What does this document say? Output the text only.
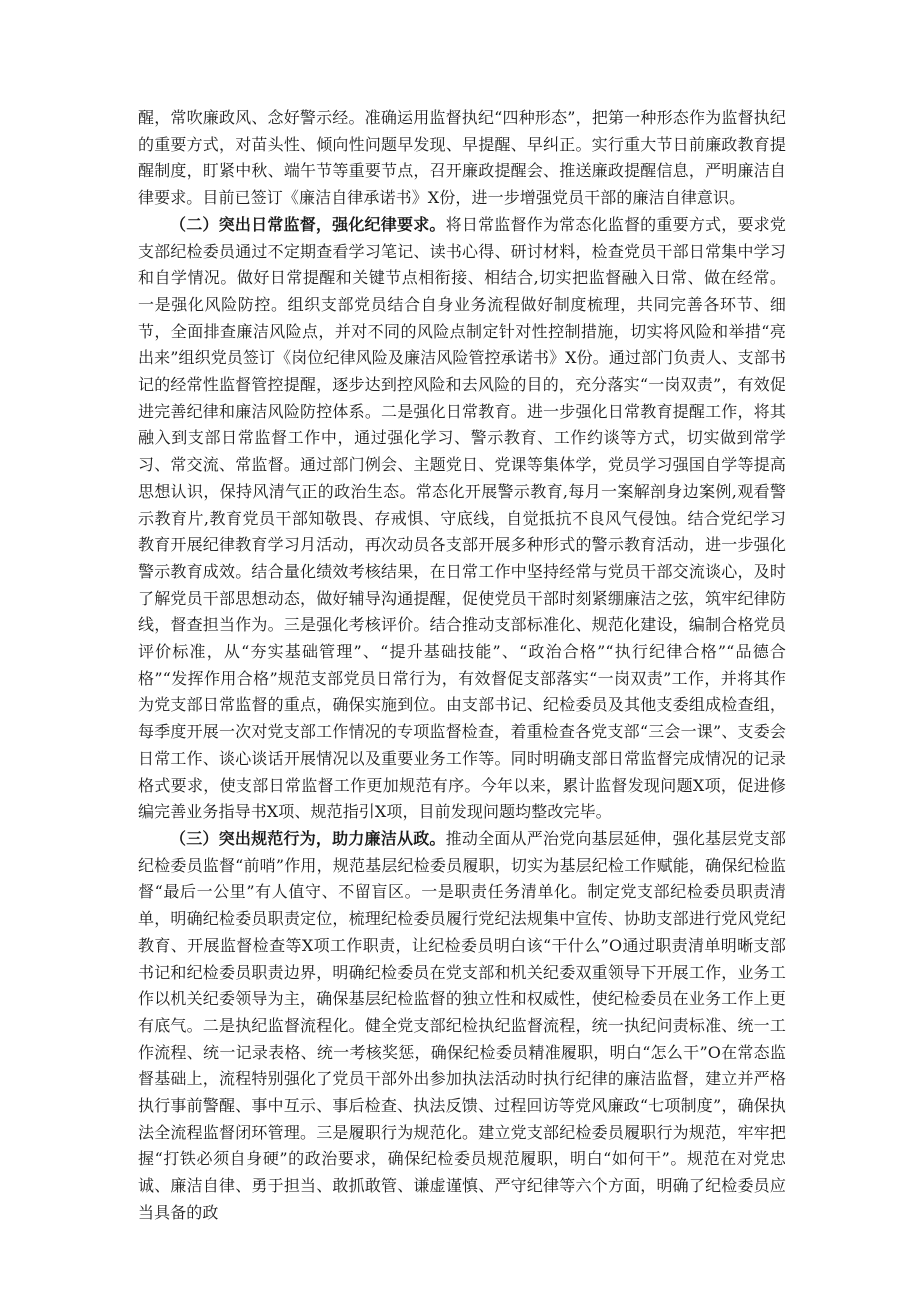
醒，常吹廉政风、念好警示经。准确运用监督执纪“四种形态”，把第一种形态作为监督执纪的重要方式，对苗头性、倾向性问题早发现、早提醒、早纠正。实行重大节日前廉政教育提醒制度，盯紧中秋、端午节等重要节点，召开廉政提醒会、推送廉政提醒信息，严明廉洁自律要求。目前已签订《廉洁自律承诺书》X份，进一步增强党员干部的廉洁自律意识。

（二）突出日常监督，强化纪律要求。将日常监督作为常态化监督的重要方式，要求党支部纪检委员通过不定期查看学习笔记、读书心得、研讨材料，检查党员干部日常集中学习和自学情况。做好日常提醒和关键节点相衔接、相结合,切实把监督融入日常、做在经常。一是强化风险防控。组织支部党员结合自身业务流程做好制度梳理，共同完善各环节、细节，全面排查廉洁风险点，并对不同的风险点制定针对性控制措施，切实将风险和举措“亮出来”组织党员签订《岗位纪律风险及廉洁风险管控承诺书》X份。通过部门负责人、支部书记的经常性监督管控提醒，逐步达到控风险和去风险的目的，充分落实“一岗双责”，有效促进完善纪律和廉洁风险防控体系。二是强化日常教育。进一步强化日常教育提醒工作，将其融入到支部日常监督工作中，通过强化学习、警示教育、工作约谈等方式，切实做到常学习、常交流、常监督。通过部门例会、主题党日、党课等集体学，党员学习强国自学等提高思想认识，保持风清气正的政治生态。常态化开展警示教育,每月一案解剖身边案例,观看警示教育片,教育党员干部知敬畏、存戒惧、守底线，自觉抵抗不良风气侵蚀。结合党纪学习教育开展纪律教育学习月活动，再次动员各支部开展多种形式的警示教育活动，进一步强化警示教育成效。结合量化绩效考核结果，在日常工作中坚持经常与党员干部交流谈心，及时了解党员干部思想动态，做好辅导沟通提醒，促使党员干部时刻紧绷廉洁之弦，筑牢纪律防线，督查担当作为。三是强化考核评价。结合推动支部标准化、规范化建设，编制合格党员评价标准，从“夯实基础管理”、“提升基础技能”、“政治合格”“执行纪律合格”“品德合格”“发挥作用合格”规范支部党员日常行为，有效督促支部落实“一岗双责”工作，并将其作为党支部日常监督的重点，确保实施到位。由支部书记、纪检委员及其他支委组成检查组，每季度开展一次对党支部工作情况的专项监督检查，着重检查各党支部“三会一课”、支委会日常工作、谈心谈话开展情况以及重要业务工作等。同时明确支部日常监督完成情况的记录格式要求，使支部日常监督工作更加规范有序。今年以来，累计监督发现问题X项，促进修编完善业务指导书X项、规范指引X项，目前发现问题均整改完毕。

（三）突出规范行为，助力廉洁从政。推动全面从严治党向基层延伸，强化基层党支部纪检委员监督“前哨”作用，规范基层纪检委员履职，切实为基层纪检工作赋能，确保纪检监督“最后一公里”有人值守、不留盲区。一是职责任务清单化。制定党支部纪检委员职责清单，明确纪检委员职责定位，梳理纪检委员履行党纪法规集中宣传、协助支部进行党风党纪教育、开展监督检查等X项工作职责，让纪检委员明白该“干什么”O通过职责清单明晰支部书记和纪检委员职责边界，明确纪检委员在党支部和机关纪委双重领导下开展工作，业务工作以机关纪委领导为主，确保基层纪检监督的独立性和权威性，使纪检委员在业务工作上更有底气。二是执纪监督流程化。健全党支部纪检执纪监督流程，统一执纪问责标准、统一工作流程、统一记录表格、统一考核奖惩，确保纪检委员精准履职，明白“怎么干”O在常态监督基础上，流程特别强化了党员干部外出参加执法活动时执行纪律的廉洁监督，建立并严格执行事前警醒、事中互示、事后检查、执法反馈、过程回访等党风廉政“七项制度”，确保执法全流程监督闭环管理。三是履职行为规范化。建立党支部纪检委员履职行为规范，牢牢把握“打铁必须自身硬”的政治要求，确保纪检委员规范履职，明白“如何干”。规范在对党忠诚、廉洁自律、勇于担当、敢抓敢管、谦虚谨慎、严守纪律等六个方面，明确了纪检委员应当具备的政
